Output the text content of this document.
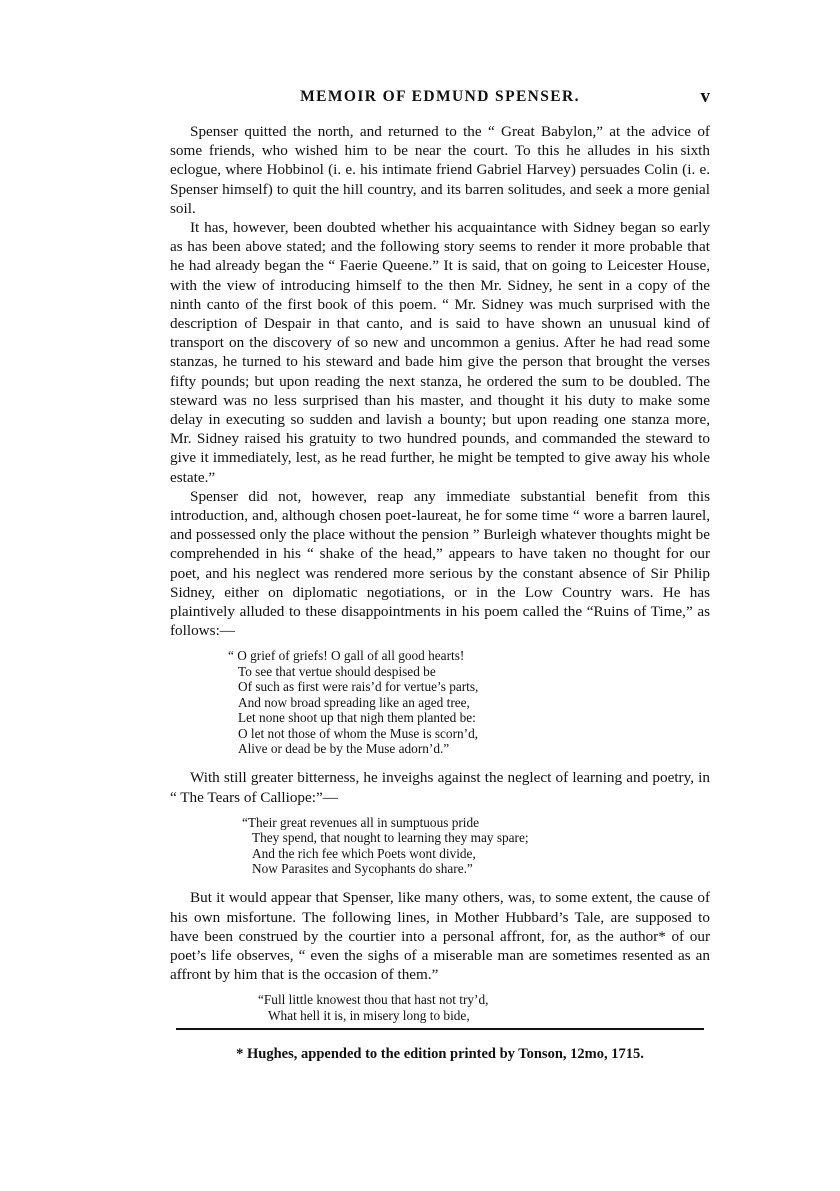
MEMOIR OF EDMUND SPENSER.	v

Spenser quitted the north, and returned to the “ Great Babylon,” at the advice of some friends, who wished him to be near the court. To this he alludes in his sixth eclogue, where Hobbinol (i. e. his intimate friend Gabriel Harvey) persuades Colin (i. e. Spenser himself) to quit the hill country, and its barren solitudes, and seek a more genial soil.

It has, however, been doubted whether his acquaintance with Sidney began so early as has been above stated; and the following story seems to render it more probable that he had already began the “ Faerie Queene.” It is said, that on going to Leicester House, with the view of introducing himself to the then Mr. Sidney, he sent in a copy of the ninth canto of the first book of this poem. “ Mr. Sidney was much surprised with the description of Despair in that canto, and is said to have shown an unusual kind of transport on the discovery of so new and uncommon a genius. After he had read some stanzas, he turned to his steward and bade him give the person that brought the verses fifty pounds; but upon reading the next stanza, he ordered the sum to be doubled. The steward was no less surprised than his master, and thought it his duty to make some delay in executing so sudden and lavish a bounty; but upon reading one stanza more, Mr. Sidney raised his gratuity to two hundred pounds, and commanded the steward to give it immediately, lest, as he read further, he might be tempted to give away his whole estate.”

Spenser did not, however, reap any immediate substantial benefit from this introduction, and, although chosen poet-laureat, he for some time “ wore a barren laurel, and possessed only the place without the pension ” Burleigh whatever thoughts might be comprehended in his “ shake of the head,” appears to have taken no thought for our poet, and his neglect was rendered more serious by the constant absence of Sir Philip Sidney, either on diplomatic negotiations, or in the Low Country wars. He has plaintively alluded to these disappointments in his poem called the “Ruins of Time,” as follows:—

“ O grief of griefs! O gall of all good hearts!
To see that vertue should despised be
Of such as first were rais’d for vertue’s parts,
And now broad spreading like an aged tree,
Let none shoot up that nigh them planted be:
O let not those of whom the Muse is scorn’d,
Alive or dead be by the Muse adorn’d.”

With still greater bitterness, he inveighs against the neglect of learning and poetry, in “ The Tears of Calliope:”—

“Their great revenues all in sumptuous pride
They spend, that nought to learning they may spare;
And the rich fee which Poets wont divide,
Now Parasites and Sycophants do share.”

But it would appear that Spenser, like many others, was, to some extent, the cause of his own misfortune. The following lines, in Mother Hubbard’s Tale, are supposed to have been construed by the courtier into a personal affront, for, as the author* of our poet’s life observes, “ even the sighs of a miserable man are sometimes resented as an affront by him that is the occasion of them.”

“Full little knowest thou that hast not try’d,
What hell it is, in misery long to bide,
* Hughes, appended to the edition printed by Tonson, 12mo, 1715.
